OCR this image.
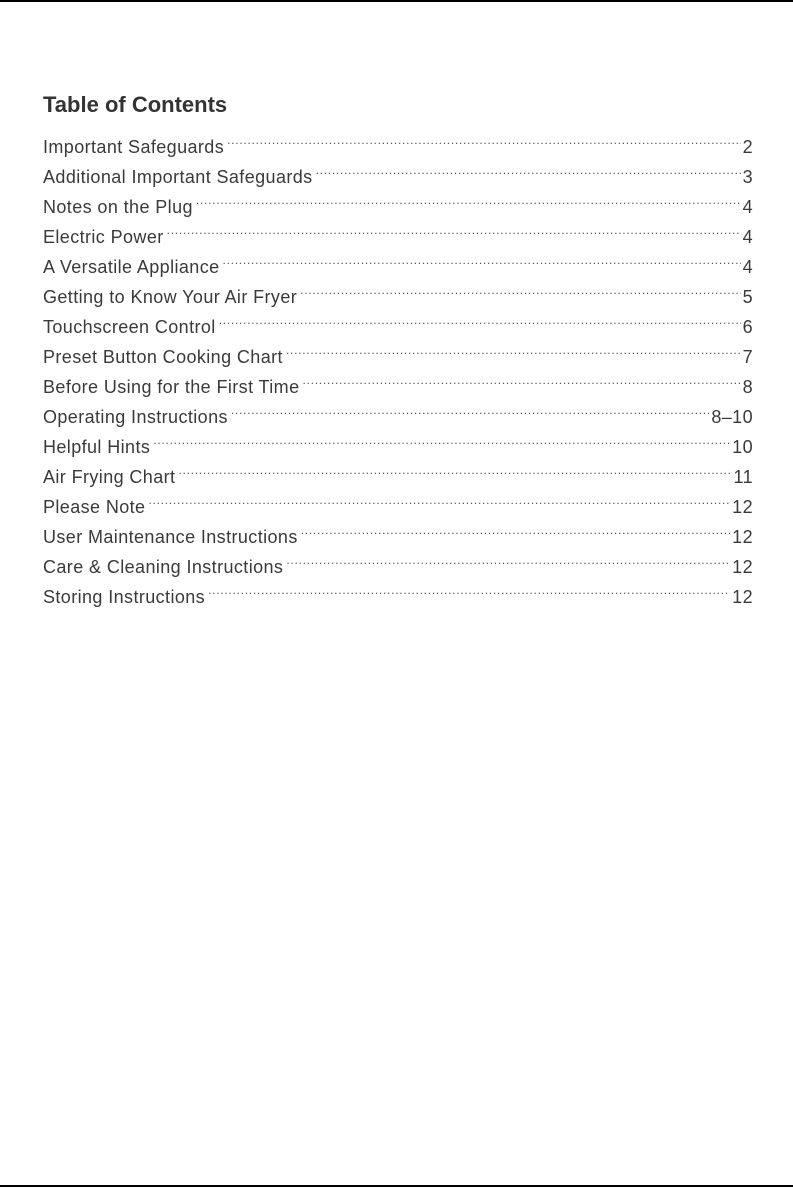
Table of Contents
Important Safeguards . . .	2
Additional Important Safeguards . . .	3
Notes on the Plug . . .	4
Electric Power . . .	4
A Versatile Appliance . . .	4
Getting to Know Your Air Fryer . . .	5
Touchscreen Control . . .	6
Preset Button Cooking Chart . . .	7
Before Using for the First Time . . .	8
Operating Instructions . . .	8–10
Helpful Hints . . .	10
Air Frying Chart . . .	11
Please Note . . .	12
User Maintenance Instructions . . .	12
Care & Cleaning Instructions . . .	12
Storing Instructions . . .	12
